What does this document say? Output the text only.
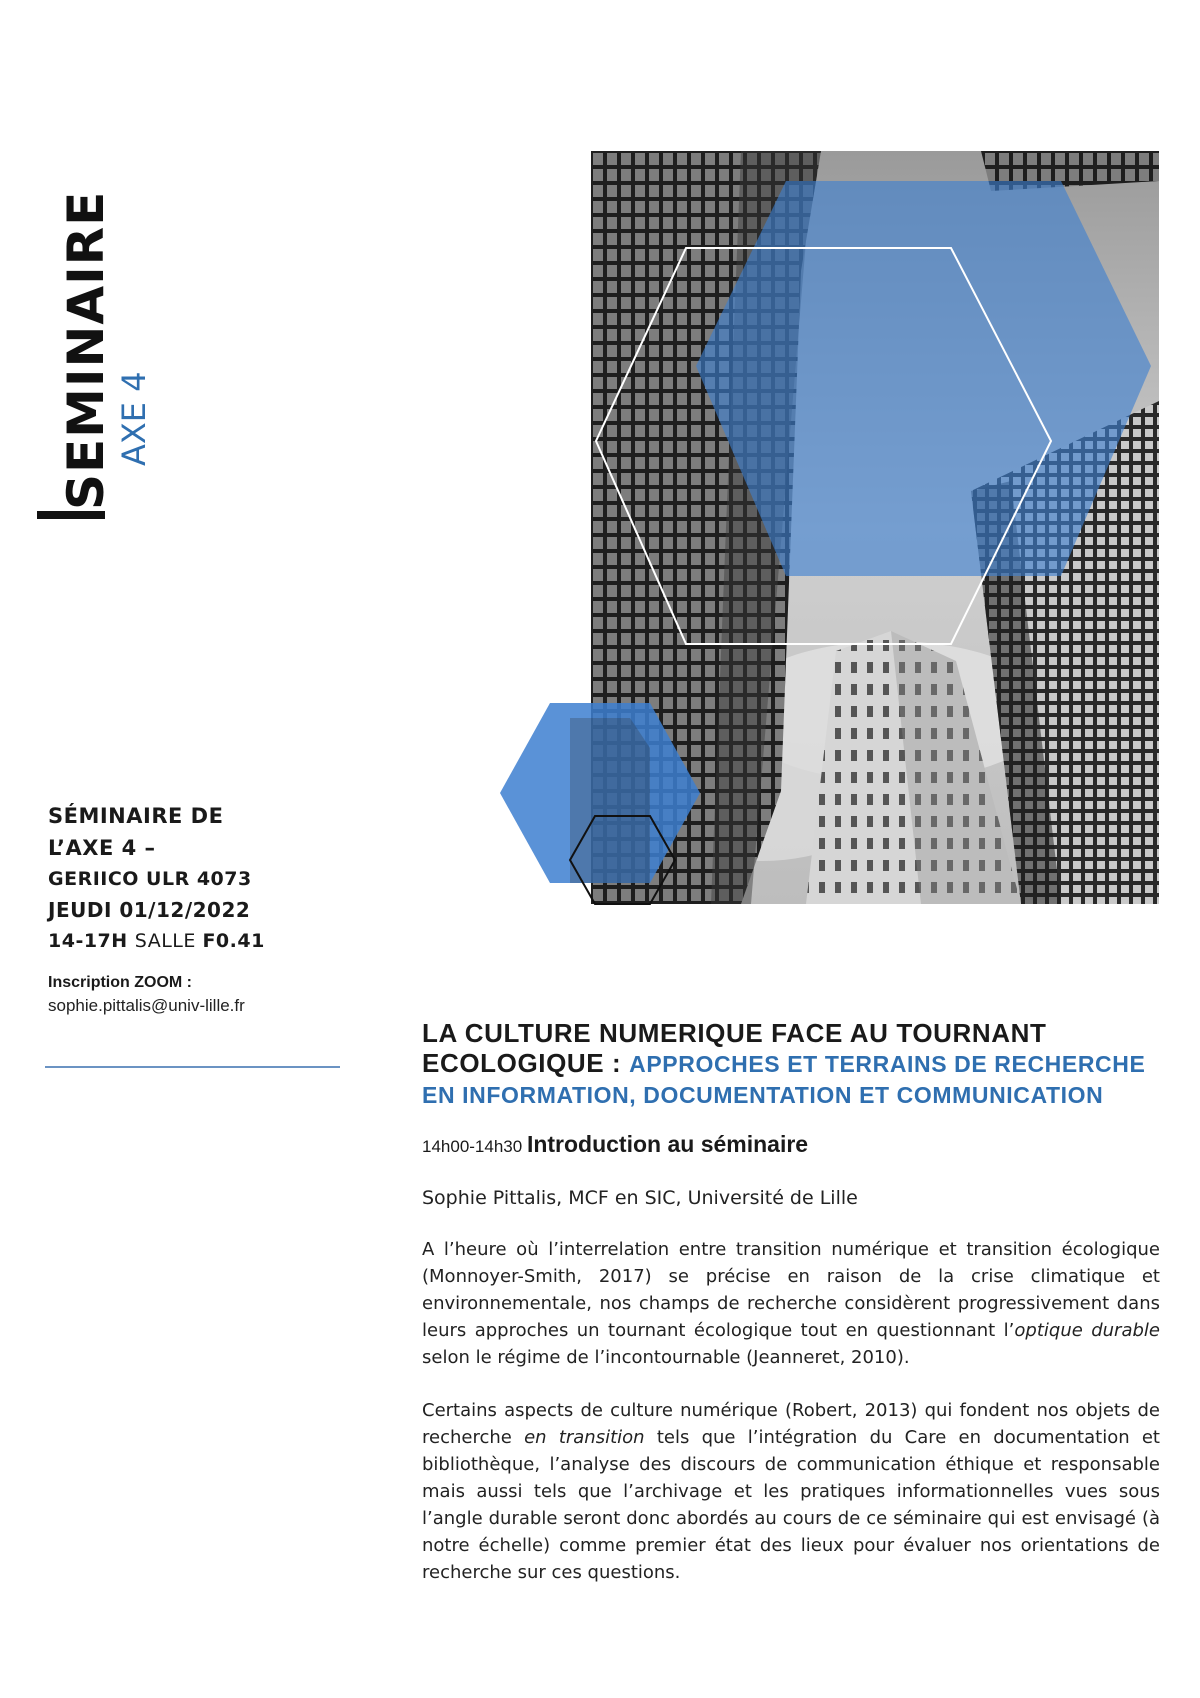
SEMINAIRE AXE 4
SÉMINAIRE DE
L’AXE 4 –
GERIICO ULR 4073
JEUDI 01/12/2022
14-17H SALLE F0.41
Inscription ZOOM :
sophie.pittalis@univ-lille.fr
LA CULTURE NUMERIQUE FACE AU TOURNANT ECOLOGIQUE : APPROCHES ET TERRAINS DE RECHERCHE EN INFORMATION, DOCUMENTATION ET COMMUNICATION
14h00-14h30 Introduction au séminaire
Sophie Pittalis, MCF en SIC, Université de Lille

A l’heure où l’interrelation entre transition numérique et transition écologique (Monnoyer-Smith, 2017) se précise en raison de la crise climatique et environnementale, nos champs de recherche considèrent progressivement dans leurs approches un tournant écologique tout en questionnant l’optique durable selon le régime de l’incontournable (Jeanneret, 2010).

Certains aspects de culture numérique (Robert, 2013) qui fondent nos objets de recherche en transition tels que l’intégration du Care en documentation et bibliothèque, l’analyse des discours de communication éthique et responsable mais aussi tels que l’archivage et les pratiques informationnelles vues sous l’angle durable seront donc abordés au cours de ce séminaire qui est envisagé (à notre échelle) comme premier état des lieux pour évaluer nos orientations de recherche sur ces questions.
